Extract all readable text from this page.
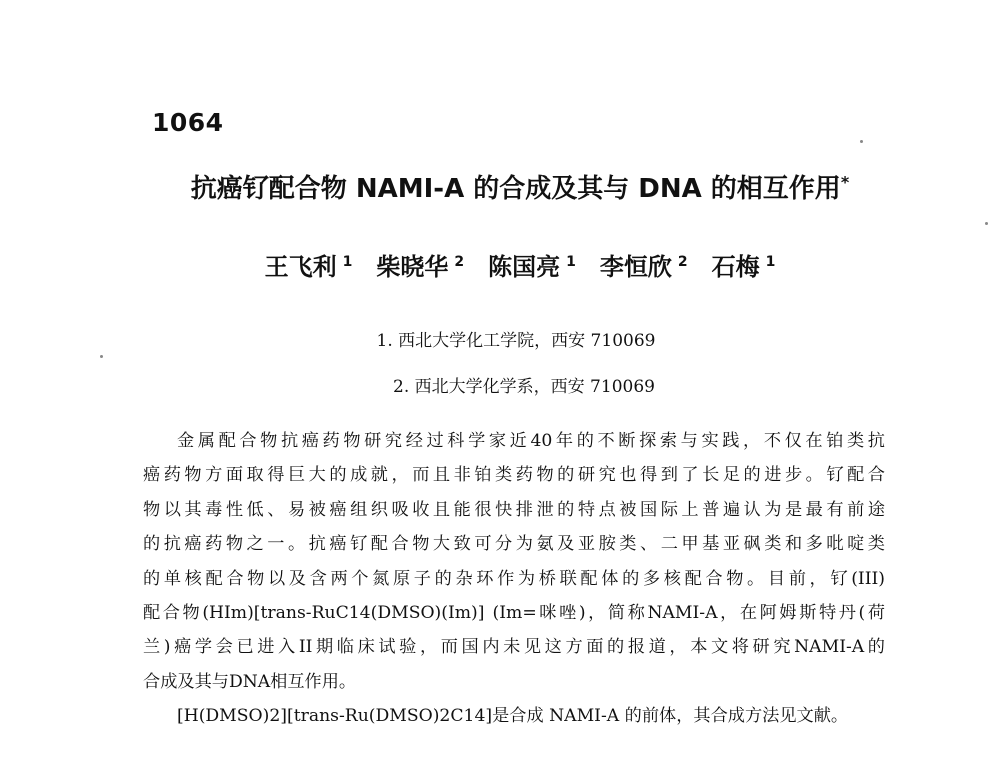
1064
抗癌钌配合物 NAMI-A 的合成及其与 DNA 的相互作用*
王飞利 $^1$ 柴晓华 $^2$ 陈国亮 $^1$ 李恒欣 $^2$ 石梅 $^1$
1. 西北大学化工学院，西安 710069
2. 西北大学化学系，西安 710069
金属配合物抗癌药物研究经过科学家近40年的不断探索与实践，不仅在铂类抗
癌药物方面取得巨大的成就，而且非铂类药物的研究也得到了长足的进步。钌配合
物以其毒性低、易被癌组织吸收且能很快排泄的特点被国际上普遍认为是最有前途
的抗癌药物之一。抗癌钌配合物大致可分为氨及亚胺类、二甲基亚砜类和多吡啶类
的单核配合物以及含两个氮原子的杂环作为桥联配体的多核配合物。目前，钌(III)
配合物(HIm)[trans-RuC14(DMSO)(Im)] (Im=咪唑)，简称NAMI-A，在阿姆斯特丹(荷
兰)癌学会已进入II期临床试验，而国内未见这方面的报道，本文将研究NAMI-A的
合成及其与DNA相互作用。
[H(DMSO)2][trans-Ru(DMSO)2C14]是合成 NAMI-A 的前体，其合成方法见文献。
